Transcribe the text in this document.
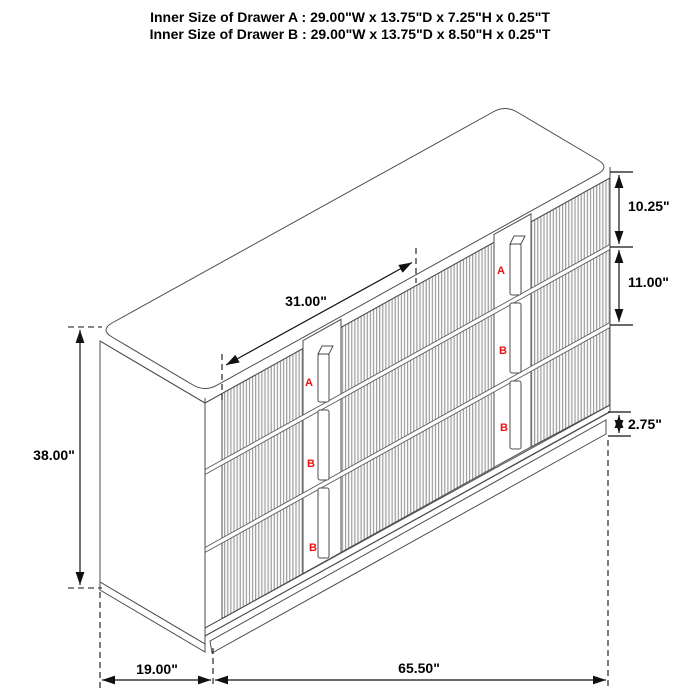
Inner Size of Drawer A : 29.00"W x 13.75"D x 7.25"H x 0.25"T
Inner Size of Drawer B : 29.00"W x 13.75"D x 8.50"H x 0.25"T
A
B
B
A
B
B
31.00"
38.00"
10.25"
11.00"
2.75"
19.00"	65.50"
